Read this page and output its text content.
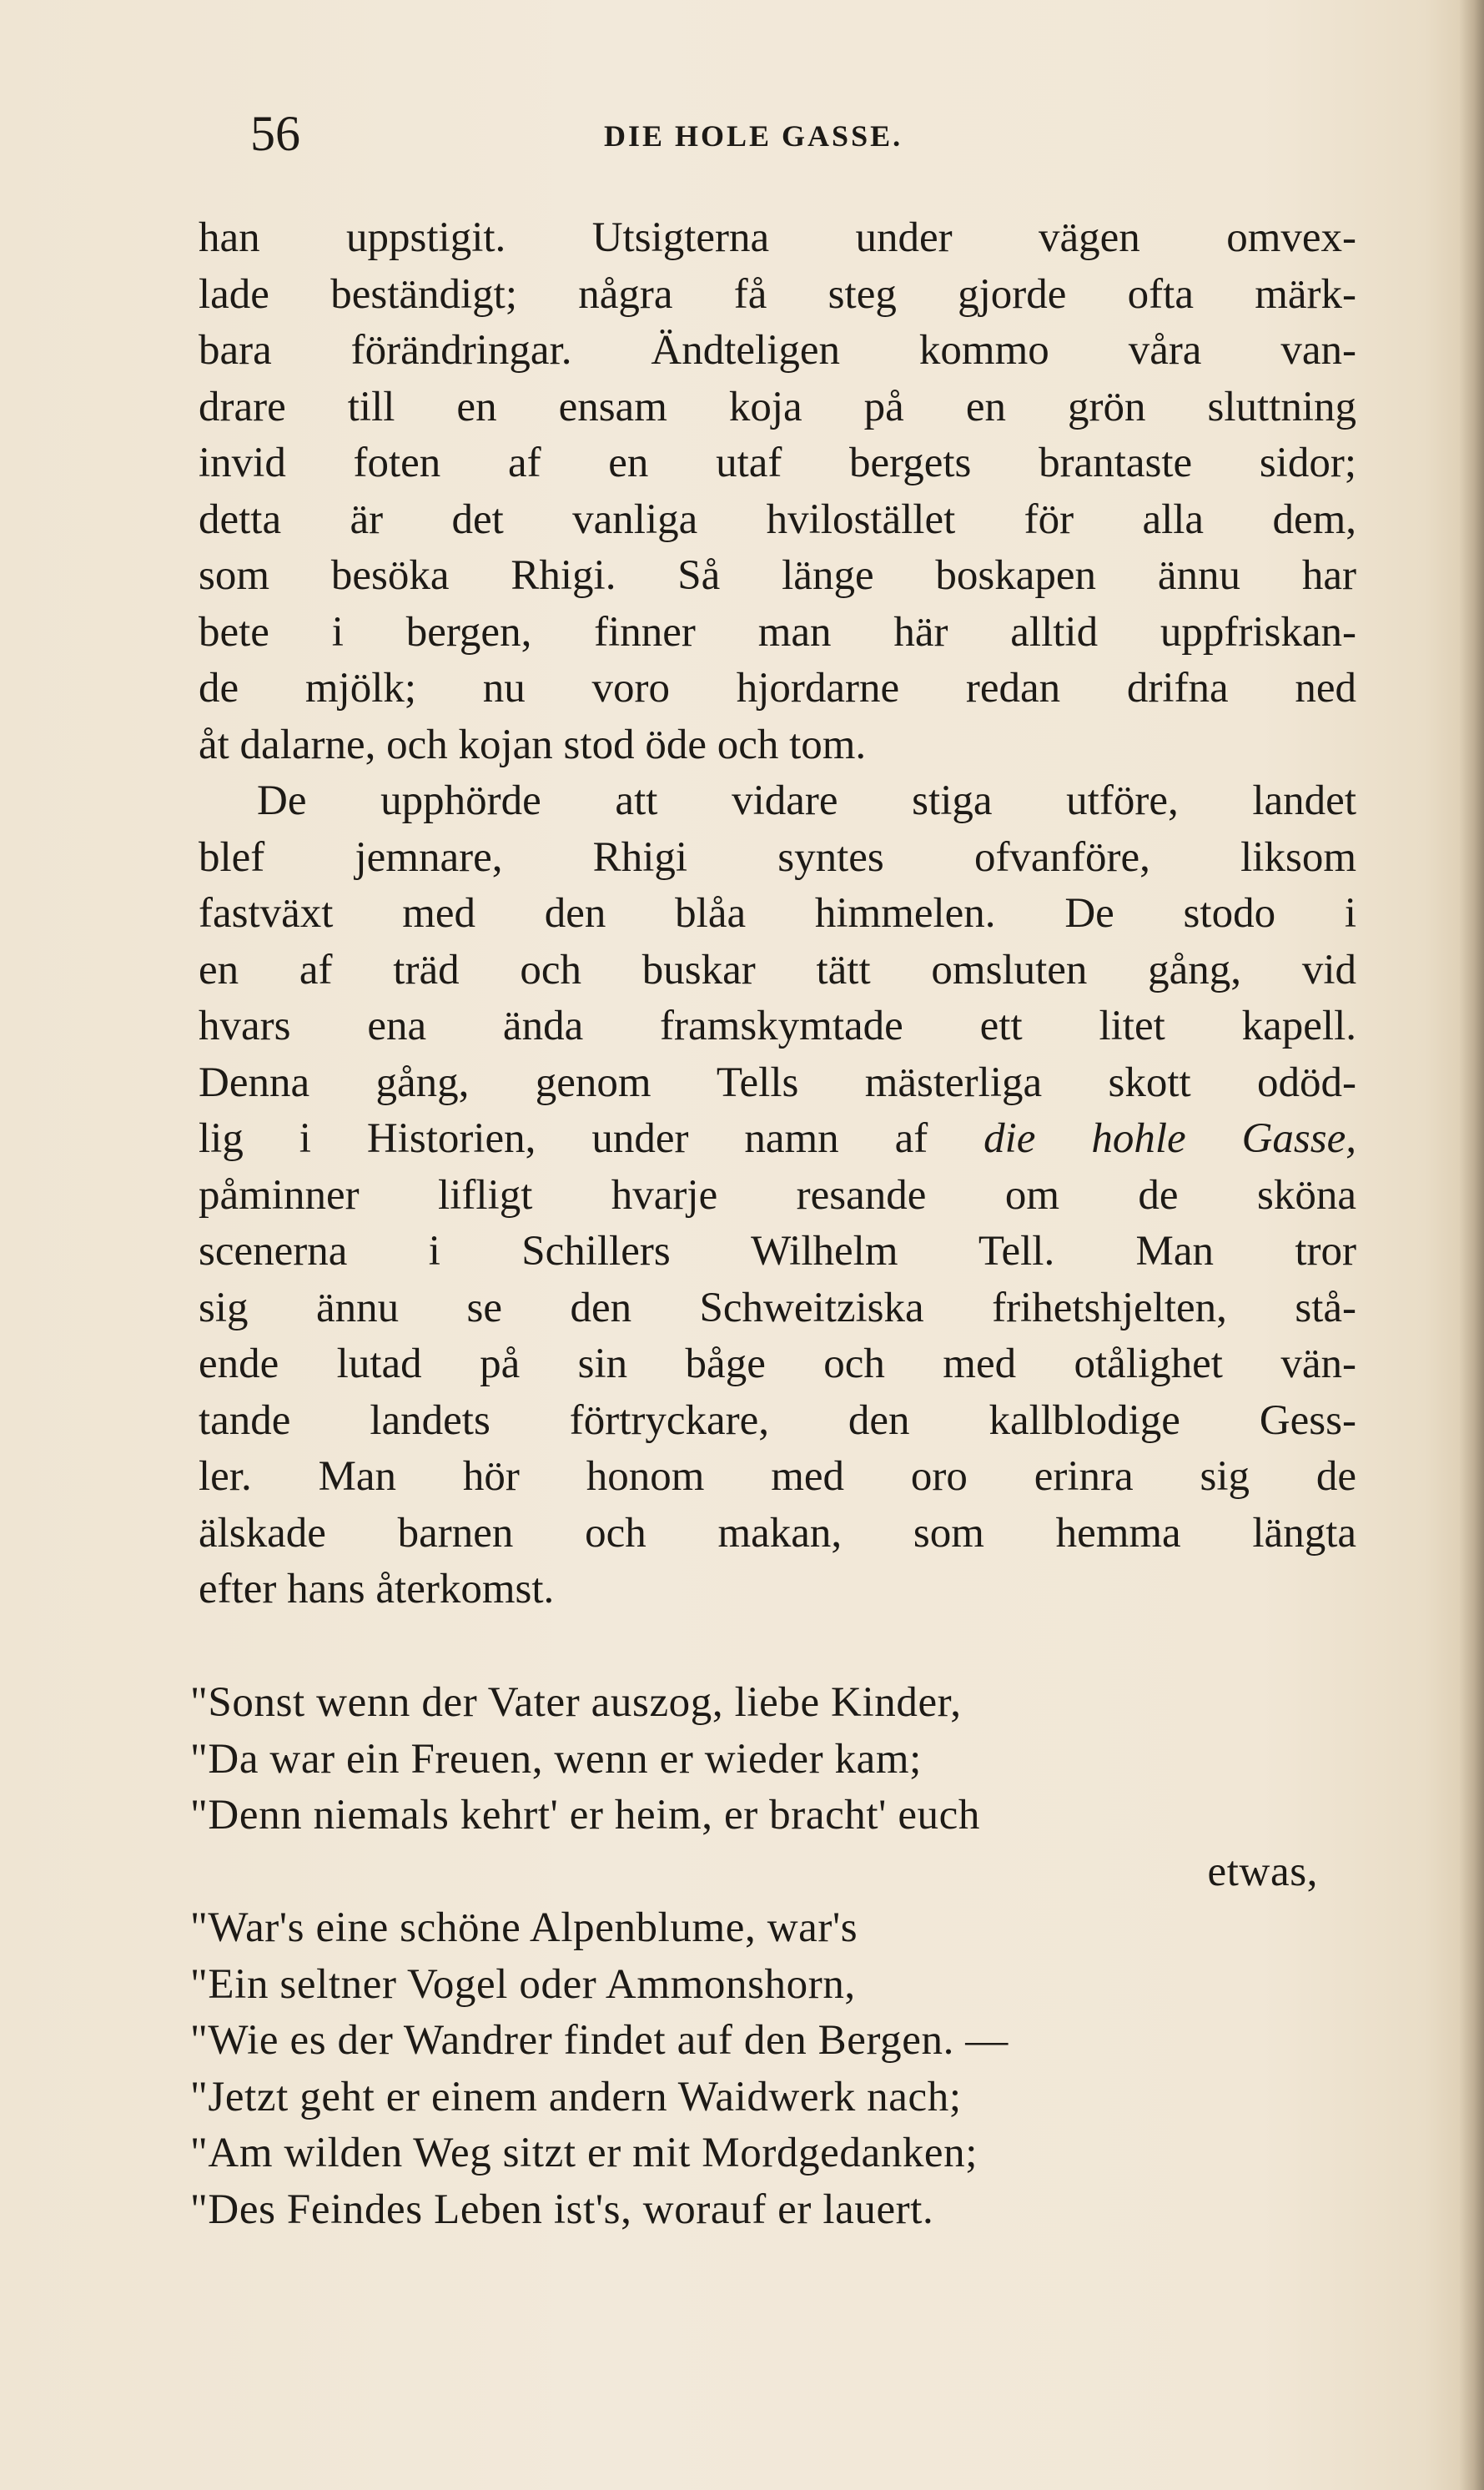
56	DIE HOLE GASSE.
han uppstigit. Utsigterna under vägen omvex-
lade beständigt; några få steg gjorde ofta märk-
bara förändringar. Ändteligen kommo våra van-
drare till en ensam koja på en grön sluttning
invid foten af en utaf bergets brantaste sidor;
detta är det vanliga hvilostället för alla dem,
som besöka Rhigi. Så länge boskapen ännu har
bete i bergen, finner man här alltid uppfriskan-
de mjölk; nu voro hjordarne redan drifna ned
åt dalarne, och kojan stod öde och tom.
De upphörde att vidare stiga utföre, landet
blef jemnare, Rhigi syntes ofvanföre, liksom
fastväxt med den blåa himmelen. De stodo i
en af träd och buskar tätt omsluten gång, vid
hvars ena ända framskymtade ett litet kapell.
Denna gång, genom Tells mästerliga skott odöd-
lig i Historien, under namn af die hohle Gasse,
påminner lifligt hvarje resande om de sköna
scenerna i Schillers Wilhelm Tell. Man tror
sig ännu se den Schweitziska frihetshjelten, stå-
ende lutad på sin båge och med otålighet vän-
tande landets förtryckare, den kallblodige Gess-
ler. Man hör honom med oro erinra sig de
älskade barnen och makan, som hemma längta
efter hans återkomst.
"Sonst wenn der Vater auszog, liebe Kinder,
"Da war ein Freuen, wenn er wieder kam;
"Denn niemals kehrt' er heim, er bracht' euch
etwas,
"War's eine schöne Alpenblume, war's
"Ein seltner Vogel oder Ammonshorn,
"Wie es der Wandrer findet auf den Bergen. —
"Jetzt geht er einem andern Waidwerk nach;
"Am wilden Weg sitzt er mit Mordgedanken;
"Des Feindes Leben ist's, worauf er lauert.
